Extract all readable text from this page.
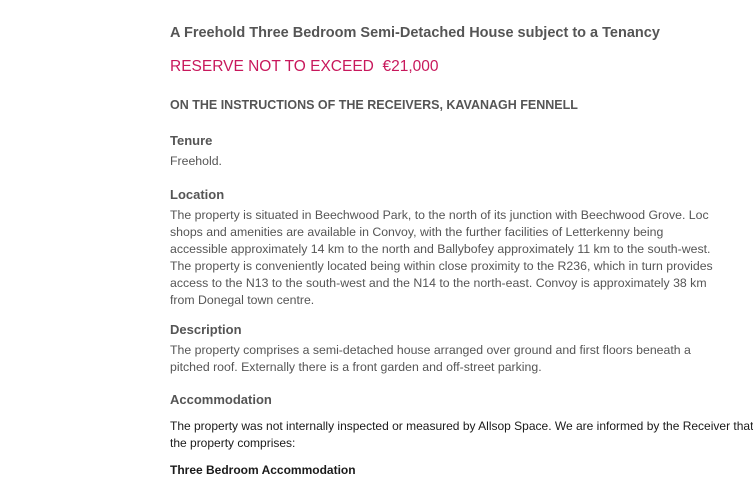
A Freehold Three Bedroom Semi-Detached House subject to a Tenancy
RESERVE NOT TO EXCEED  €21,000
ON THE INSTRUCTIONS OF THE RECEIVERS, KAVANAGH FENNELL
Tenure
Freehold.
Location
The property is situated in Beechwood Park, to the north of its junction with Beechwood Grove. Loc
shops and amenities are available in Convoy, with the further facilities of Letterkenny being
accessible approximately 14 km to the north and Ballybofey approximately 11 km to the south-west.
The property is conveniently located being within close proximity to the R236, which in turn provides
access to the N13 to the south-west and the N14 to the north-east. Convoy is approximately 38 km
from Donegal town centre.
Description
The property comprises a semi-detached house arranged over ground and first floors beneath a
pitched roof. Externally there is a front garden and off-street parking.
Accommodation
The property was not internally inspected or measured by Allsop Space. We are informed by the Receiver that
the property comprises:
Three Bedroom Accommodation
